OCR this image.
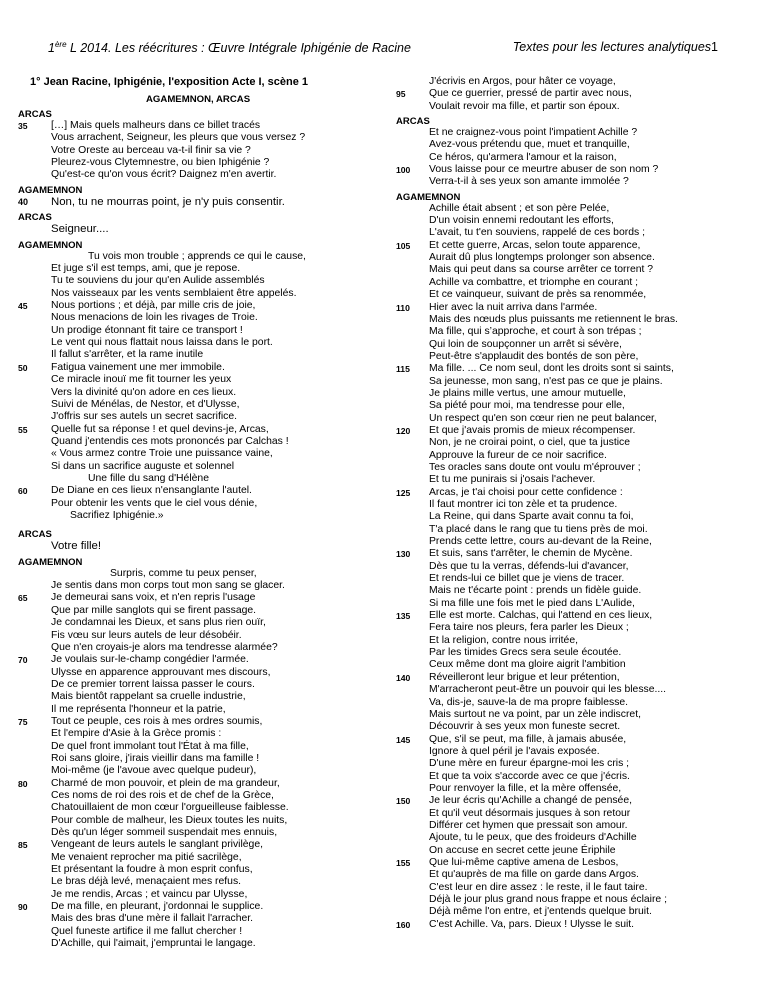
1ère L 2014. Les réécritures : Œuvre Intégrale Iphigénie de Racine	Textes pour les lectures analytiques1
1° Jean Racine, Iphigénie, l'exposition Acte I, scène 1
AGAMEMNON, ARCAS
ARCAS
35	[…] Mais quels malheurs dans ce billet tracés
Vous arrachent, Seigneur, les pleurs que vous versez ?
Votre Oreste au berceau va-t-il finir sa vie ?
Pleurez-vous Clytemnestre, ou bien Iphigénie ?
Qu'est-ce qu'on vous écrit? Daignez m'en avertir.
AGAMEMNON
40	Non, tu ne mourras point, je n'y puis consentir.
ARCAS
Seigneur....
AGAMEMNON
Tu vois mon trouble ; apprends ce qui le cause,
Et juge s'il est temps, ami, que je repose.
Tu te souviens du jour qu'en Aulide assemblés
Nos vaisseaux par les vents semblaient être appelés.
45	Nous portions ; et déjà, par mille cris de joie,
Nous menacions de loin les rivages de Troie.
Un prodige étonnant fit taire ce transport !
Le vent qui nous flattait nous laissa dans le port.
Il fallut s'arrêter, et la rame inutile
50	Fatigua vainement une mer immobile.
Ce miracle inouï me fit tourner les yeux
Vers la divinité qu'on adore en ces lieux.
Suivi de Ménélas, de Nestor, et d'Ulysse,
J'offris sur ses autels un secret sacrifice.
55	Quelle fut sa réponse ! et quel devins-je, Arcas,
Quand j'entendis ces mots prononcés par Calchas !
« Vous armez contre Troie une puissance vaine,
Si dans un sacrifice auguste et solennel
Une fille du sang d'Hélène
60	De Diane en ces lieux n'ensanglante l'autel.
Pour obtenir les vents que le ciel vous dénie,
Sacrifiez Iphigénie.»
ARCAS
Votre fille!
AGAMEMNON
Surpris, comme tu peux penser,
Je sentis dans mon corps tout mon sang se glacer.
65	Je demeurai sans voix, et n'en repris l'usage
Que par mille sanglots qui se firent passage.
Je condamnai les Dieux, et sans plus rien ouïr,
Fis vœu sur leurs autels de leur désobéir.
Que n'en croyais-je alors ma tendresse alarmée?
70	Je voulais sur-le-champ congédier l'armée.
Ulysse en apparence approuvant mes discours,
De ce premier torrent laissa passer le cours.
Mais bientôt rappelant sa cruelle industrie,
Il me représenta l'honneur et la patrie,
75	Tout ce peuple, ces rois à mes ordres soumis,
Et l'empire d'Asie à la Grèce promis :
De quel front immolant tout l'État à ma fille,
Roi sans gloire, j'irais vieillir dans ma famille !
Moi-même (je l'avoue avec quelque pudeur),
80	Charmé de mon pouvoir, et plein de ma grandeur,
Ces noms de roi des rois et de chef de la Grèce,
Chatouillaient de mon cœur l'orgueilleuse faiblesse.
Pour comble de malheur, les Dieux toutes les nuits,
Dès qu'un léger sommeil suspendait mes ennuis,
85	Vengeant de leurs autels le sanglant privilège,
Me venaient reprocher ma pitié sacrilège,
Et présentant la foudre à mon esprit confus,
Le bras déjà levé, menaçaient mes refus.
Je me rendis, Arcas ; et vaincu par Ulysse,
90	De ma fille, en pleurant, j'ordonnai le supplice.
Mais des bras d'une mère il fallait l'arracher.
Quel funeste artifice il me fallut chercher !
D'Achille, qui l'aimait, j'empruntai le langage.
J'écrivis en Argos, pour hâter ce voyage,
95	Que ce guerrier, pressé de partir avec nous,
Voulait revoir ma fille, et partir son époux.
ARCAS
Et ne craignez-vous point l'impatient Achille ?
Avez-vous prétendu que, muet et tranquille,
Ce héros, qu'armera l'amour et la raison,
100	Vous laisse pour ce meurtre abuser de son nom ?
Verra-t-il à ses yeux son amante immolée ?
AGAMEMNON
Achille était absent ; et son père Pelée,
D'un voisin ennemi redoutant les efforts,
L'avait, tu t'en souviens, rappelé de ces bords ;
105	Et cette guerre, Arcas, selon toute apparence,
Aurait dû plus longtemps prolonger son absence.
Mais qui peut dans sa course arrêter ce torrent ?
Achille va combattre, et triomphe en courant ;
Et ce vainqueur, suivant de près sa renommée,
110	Hier avec la nuit arriva dans l'armée.
Mais des nœuds plus puissants me retiennent le bras.
Ma fille, qui s’approche, et court à son trépas ;
Qui loin de soupçonner un arrêt si sévère,
Peut-être s'applaudit des bontés de son père,
115	Ma fille. ... Ce nom seul, dont les droits sont si saints,
Sa jeunesse, mon sang, n'est pas ce que je plains.
Je plains mille vertus, une amour mutuelle,
Sa piété pour moi, ma tendresse pour elle,
Un respect qu'en son cœur rien ne peut balancer,
120	Et que j'avais promis de mieux récompenser.
Non, je ne croirai point, o ciel, que ta justice
Approuve la fureur de ce noir sacrifice.
Tes oracles sans doute ont voulu m'éprouver ;
Et tu me punirais si j'osais l'achever.
125	Arcas, je t'ai choisi pour cette confidence :
Il faut montrer ici ton zèle et ta prudence.
La Reine, qui dans Sparte avait connu ta foi,
T'a placé dans le rang que tu tiens près de moi.
Prends cette lettre, cours au-devant de la Reine,
130	Et suis, sans t'arrêter, le chemin de Mycène.
Dès que tu la verras, défends-lui d'avancer,
Et rends-lui ce billet que je viens de tracer.
Mais ne t'écarte point : prends un fidèle guide.
Si ma fille une fois met le pied dans L'Aulide,
135	Elle est morte. Calchas, qui l'attend en ces lieux,
Fera taire nos pleurs, fera parler les Dieux ;
Et la religion, contre nous irritée,
Par les timides Grecs sera seule écoutée.
Ceux même dont ma gloire aigrit l'ambition
140	Réveilleront leur brigue et leur prétention,
M'arracheront peut-être un pouvoir qui les blesse....
Va, dis-je, sauve-la de ma propre faiblesse.
Mais surtout ne va point, par un zèle indiscret,
Découvrir à ses yeux mon funeste secret.
145	Que, s'il se peut, ma fille, à jamais abusée,
Ignore à quel péril je l'avais exposée.
D'une mère en fureur épargne-moi les cris ;
Et que ta voix s'accorde avec ce que j'écris.
Pour renvoyer la fille, et la mère offensée,
150	Je leur écris qu'Achille a changé de pensée,
Et qu'il veut désormais jusques à son retour
Différer cet hymen que pressait son amour.
Ajoute, tu le peux, que des froideurs d'Achille
On accuse en secret cette jeune Ériphile
155	Que lui-même captive amena de Lesbos,
Et qu'auprès de ma fille on garde dans Argos.
C'est leur en dire assez : le reste, il le faut taire.
Déjà le jour plus grand nous frappe et nous éclaire ;
Déjà même l'on entre, et j'entends quelque bruit.
160	C'est Achille. Va, pars. Dieux ! Ulysse le suit.
